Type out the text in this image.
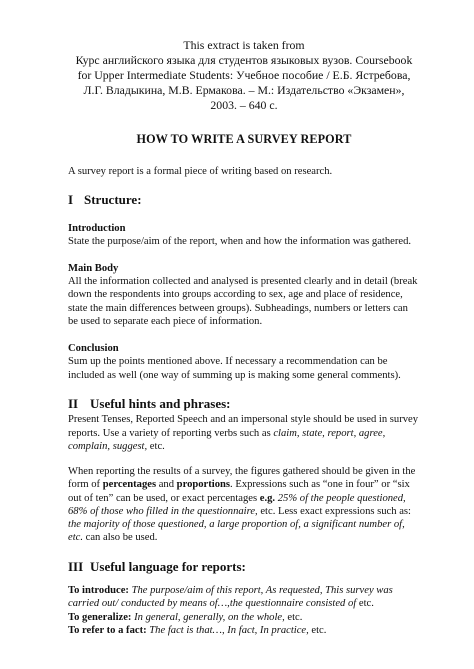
This extract is taken from
Курс английского языка для студентов языковых вузов. Coursebook
for Upper Intermediate Students: Учебное пособие / Е.Б. Ястребова,
Л.Г. Владыкина, М.В. Ермакова. – М.: Издательство «Экзамен»,
2003. – 640 с.
HOW TO WRITE A SURVEY REPORT

A survey report is a formal piece of writing based on research.

I Structure:
Introduction

State the purpose/aim of the report, when and how the information was gathered.

Main Body

All the information collected and analysed is presented clearly and in detail (break down the respondents into groups according to sex, age and place of residence, state the main differences between groups). Subheadings, numbers or letters can be used to separate each piece of information.

Conclusion

Sum up the points mentioned above. If necessary a recommendation can be included as well (one way of summing up is making some general comments).

II Useful hints and phrases:

Present Tenses, Reported Speech and an impersonal style should be used in survey reports. Use a variety of reporting verbs such as claim, state, report, agree, complain, suggest, etc.

When reporting the results of a survey, the figures gathered should be given in the form of percentages and proportions. Expressions such as “one in four” or “six out of ten” can be used, or exact percentages e.g. 25% of the people questioned, 68% of those who filled in the questionnaire, etc. Less exact expressions such as: the majority of those questioned, a large proportion of, a significant number of, etc. can also be used.

III Useful language for reports:

To introduce: The purpose/aim of this report, As requested, This survey was carried out/ conducted by means of…,the questionnaire consisted of etc.

To generalize: In general, generally, on the whole, etc.

To refer to a fact: The fact is that…, In fact, In practice, etc.
